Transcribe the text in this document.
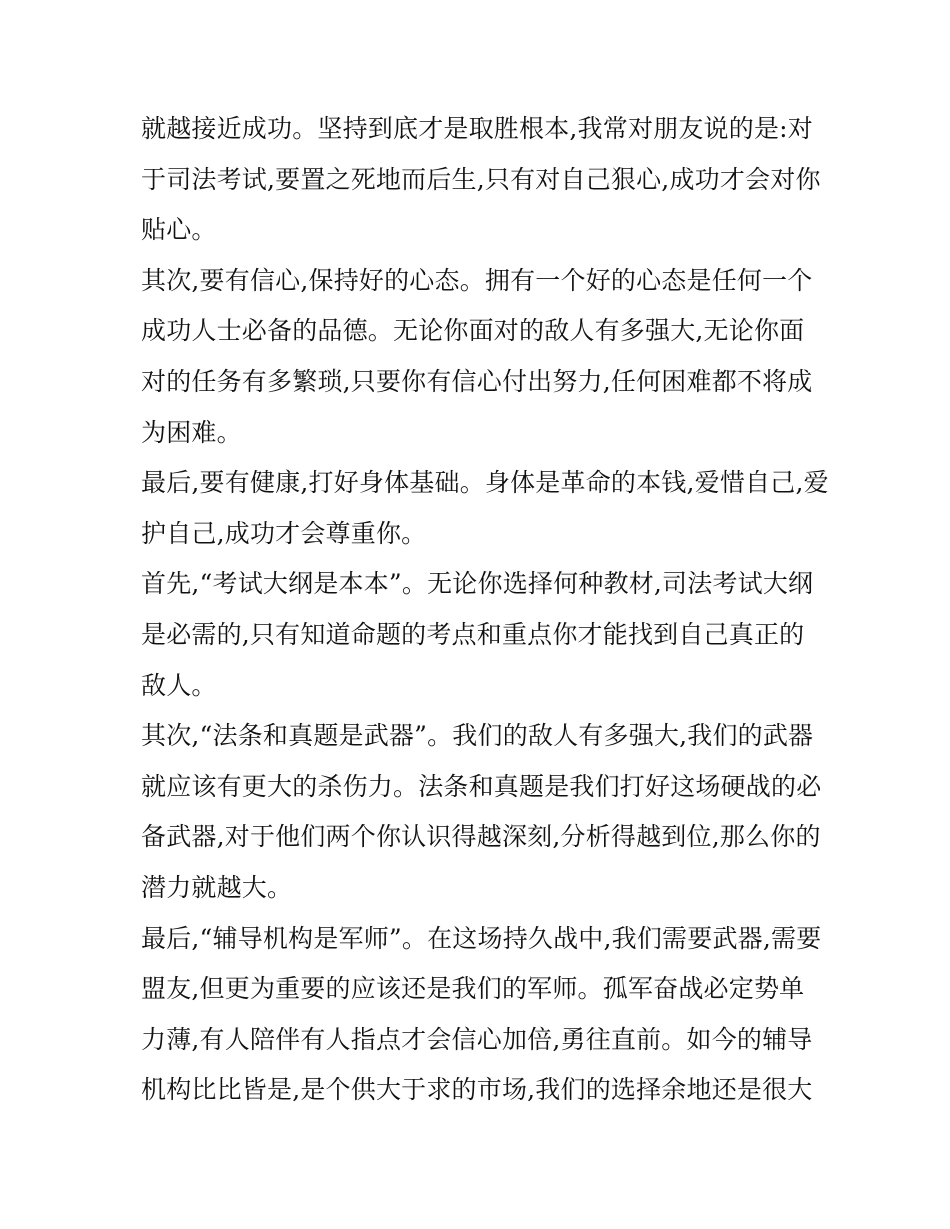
就越接近成功。坚持到底才是取胜根本,我常对朋友说的是:对
于司法考试,要置之死地而后生,只有对自己狠心,成功才会对你
贴心。
其次,要有信心,保持好的心态。拥有一个好的心态是任何一个
成功人士必备的品德。无论你面对的敌人有多强大,无论你面
对的任务有多繁琐,只要你有信心付出努力,任何困难都不将成
为困难。
最后,要有健康,打好身体基础。身体是革命的本钱,爱惜自己,爱
护自己,成功才会尊重你。
首先,“考试大纲是本本”。无论你选择何种教材,司法考试大纲
是必需的,只有知道命题的考点和重点你才能找到自己真正的
敌人。
其次,“法条和真题是武器”。我们的敌人有多强大,我们的武器
就应该有更大的杀伤力。法条和真题是我们打好这场硬战的必
备武器,对于他们两个你认识得越深刻,分析得越到位,那么你的
潜力就越大。
最后,“辅导机构是军师”。在这场持久战中,我们需要武器,需要
盟友,但更为重要的应该还是我们的军师。孤军奋战必定势单
力薄,有人陪伴有人指点才会信心加倍,勇往直前。如今的辅导
机构比比皆是,是个供大于求的市场,我们的选择余地还是很大
